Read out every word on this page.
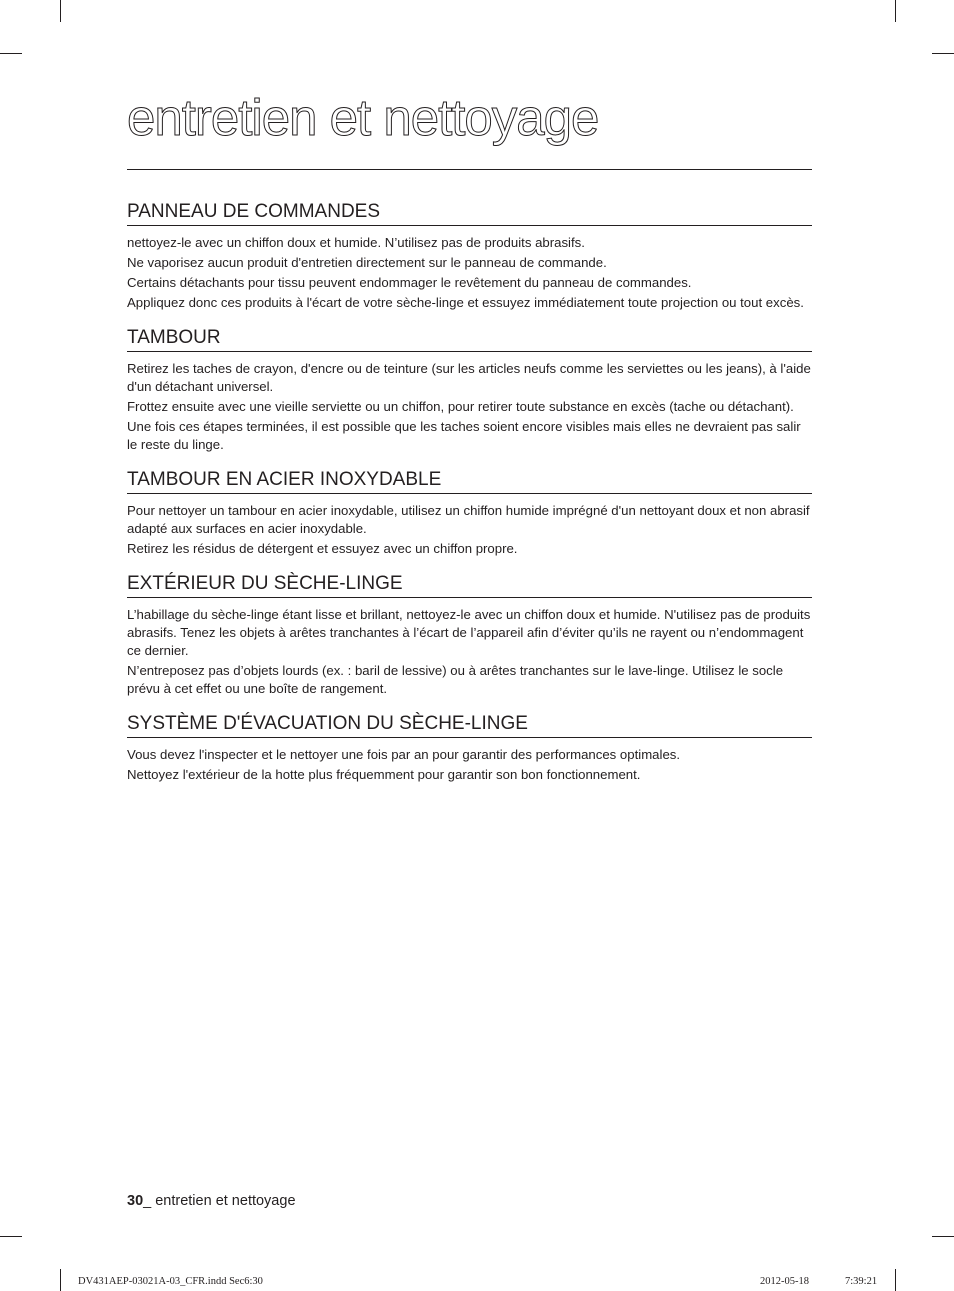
entretien et nettoyage
PANNEAU DE COMMANDES

nettoyez-le avec un chiffon doux et humide. N’utilisez pas de produits abrasifs.

Ne vaporisez aucun produit d'entretien directement sur le panneau de commande.

Certains détachants pour tissu peuvent endommager le revêtement du panneau de commandes.

Appliquez donc ces produits à l'écart de votre sèche-linge et essuyez immédiatement toute projection ou tout excès.

TAMBOUR

Retirez les taches de crayon, d'encre ou de teinture (sur les articles neufs comme les serviettes ou les jeans), à l'aide d'un détachant universel.

Frottez ensuite avec une vieille serviette ou un chiffon, pour retirer toute substance en excès (tache ou détachant).

Une fois ces étapes terminées, il est possible que les taches soient encore visibles mais elles ne devraient pas salir le reste du linge.

TAMBOUR EN ACIER INOXYDABLE

Pour nettoyer un tambour en acier inoxydable, utilisez un chiffon humide imprégné d'un nettoyant doux et non abrasif adapté aux surfaces en acier inoxydable.

Retirez les résidus de détergent et essuyez avec un chiffon propre.

EXTÉRIEUR DU SÈCHE-LINGE

L’habillage du sèche-linge étant lisse et brillant, nettoyez-le avec un chiffon doux et humide. N'utilisez pas de produits abrasifs. Tenez les objets à arêtes tranchantes à l’écart de l’appareil afin d’éviter qu’ils ne rayent ou n’endommagent ce dernier.

N’entreposez pas d’objets lourds (ex. : baril de lessive) ou à arêtes tranchantes sur le lave-linge. Utilisez le socle prévu à cet effet ou une boîte de rangement.

SYSTÈME D'ÉVACUATION DU SÈCHE-LINGE

Vous devez l'inspecter et le nettoyer une fois par an pour garantir des performances optimales.

Nettoyez l'extérieur de la hotte plus fréquemment pour garantir son bon fonctionnement.

30_ entretien et nettoyage
DV431AEP-03021A-03_CFR.indd Sec6:30	2012-05-18	7:39:21
